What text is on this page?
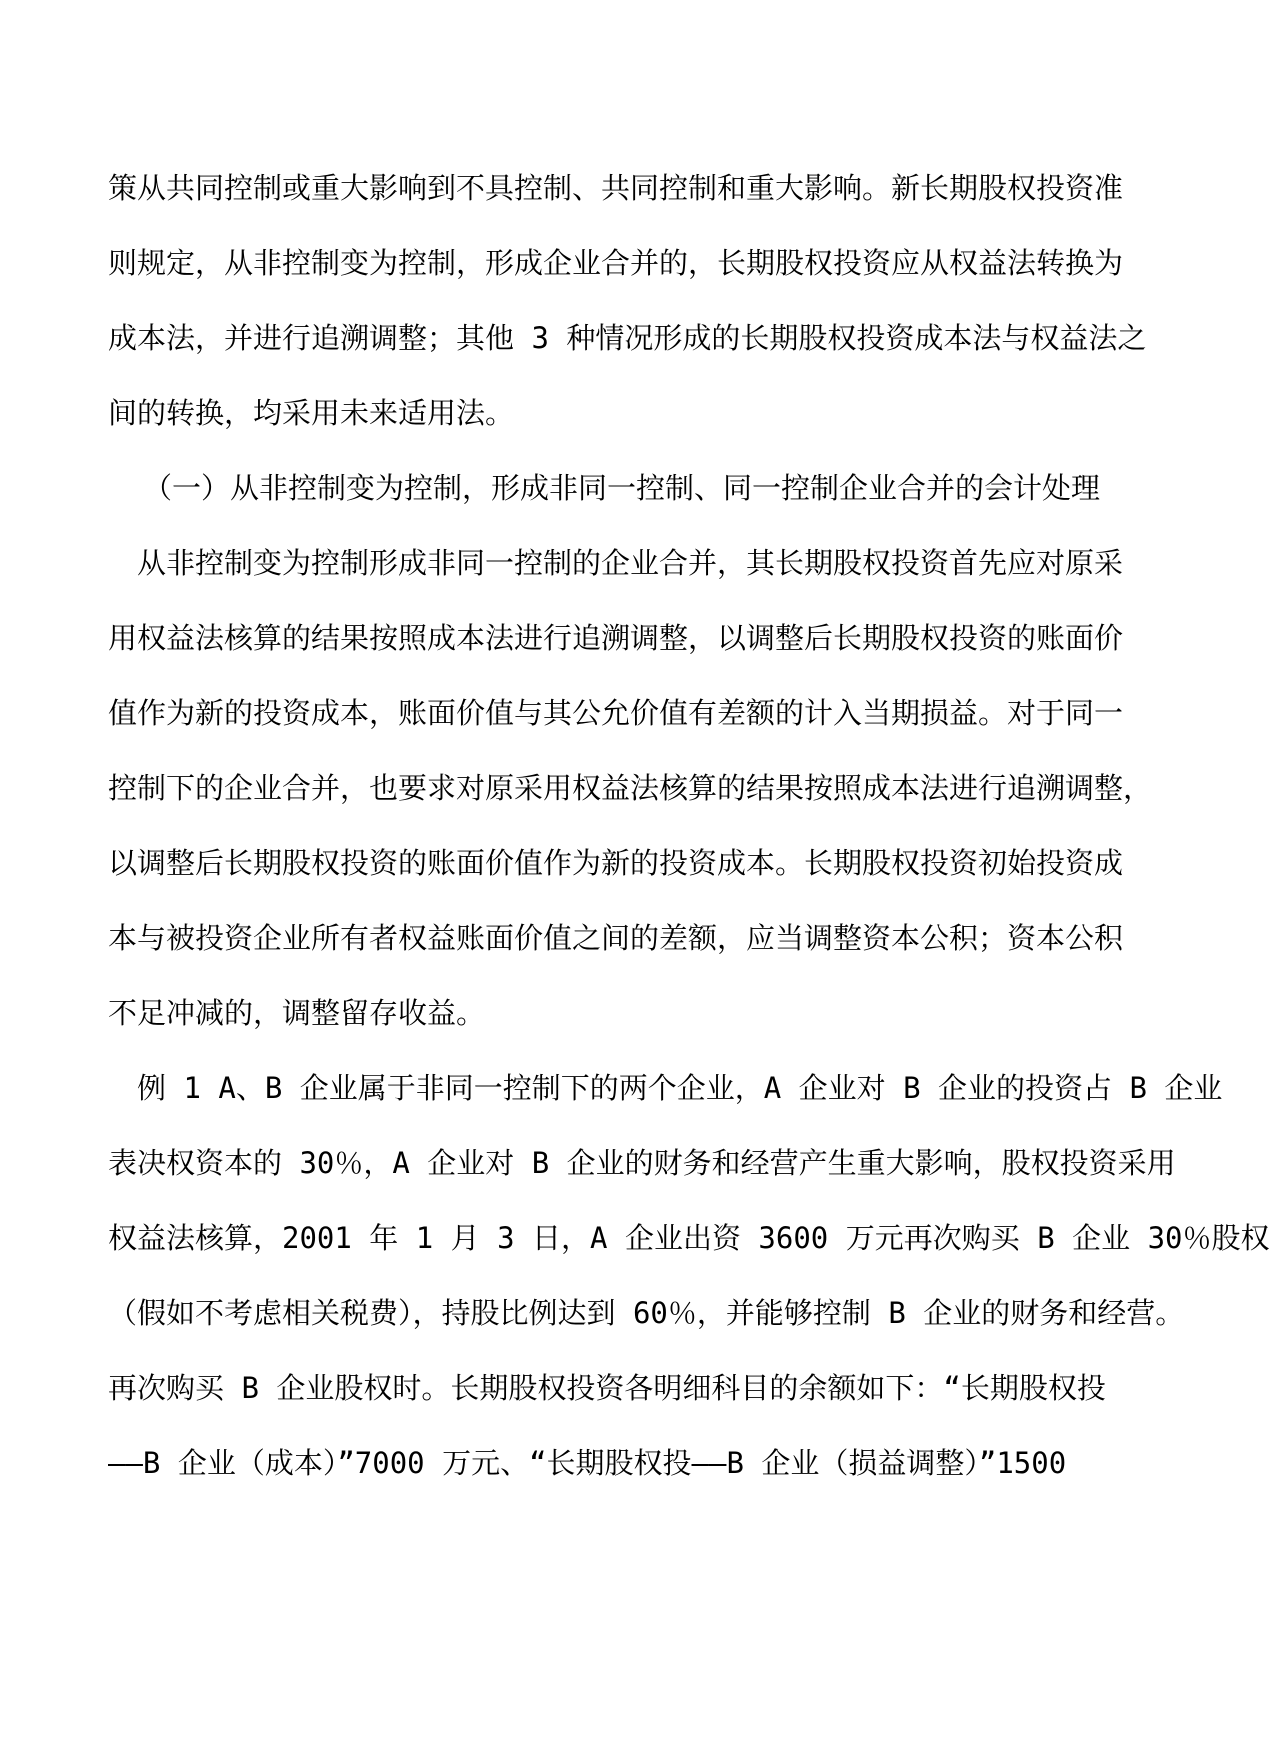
策从共同控制或重大影响到不具控制、共同控制和重大影响。新长期股权投资准
则规定，从非控制变为控制，形成企业合并的，长期股权投资应从权益法转换为
成本法，并进行追溯调整；其他 3 种情况形成的长期股权投资成本法与权益法之
间的转换，均采用未来适用法。
（一）从非控制变为控制，形成非同一控制、同一控制企业合并的会计处理
从非控制变为控制形成非同一控制的企业合并，其长期股权投资首先应对原采
用权益法核算的结果按照成本法进行追溯调整，以调整后长期股权投资的账面价
值作为新的投资成本，账面价值与其公允价值有差额的计入当期损益。对于同一
控制下的企业合并，也要求对原采用权益法核算的结果按照成本法进行追溯调整，
以调整后长期股权投资的账面价值作为新的投资成本。长期股权投资初始投资成
本与被投资企业所有者权益账面价值之间的差额，应当调整资本公积；资本公积
不足冲减的，调整留存收益。
例 1 A、B 企业属于非同一控制下的两个企业，A 企业对 B 企业的投资占 B 企业
表决权资本的 30％，A 企业对 B 企业的财务和经营产生重大影响，股权投资采用
权益法核算，2001 年 1 月 3 日，A 企业出资 3600 万元再次购买 B 企业 30％股权
（假如不考虑相关税费），持股比例达到 60％，并能够控制 B 企业的财务和经营。
再次购买 B 企业股权时。长期股权投资各明细科目的余额如下：“长期股权投
——B 企业（成本）”7000 万元、“长期股权投——B 企业（损益调整）”1500
